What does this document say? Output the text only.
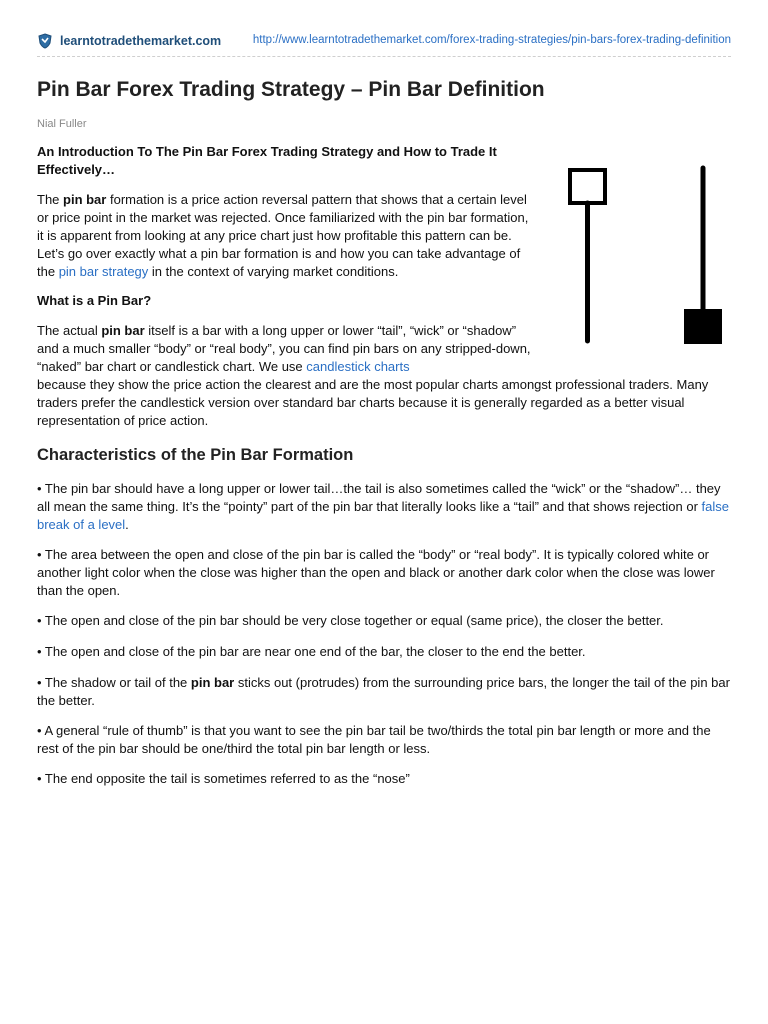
learntotradethemarket.com	http://www.learntotradethemarket.com/forex-trading-strategies/pin-bars-forex-trading-definition
Pin Bar Forex Trading Strategy – Pin Bar Definition
Nial Fuller

An Introduction To The Pin Bar Forex Trading Strategy and How to Trade It Effectively…

The pin bar formation is a price action reversal pattern that shows that a certain level or price point in the market was rejected. Once familiarized with the pin bar formation, it is apparent from looking at any price chart just how profitable this pattern can be. Let’s go over exactly what a pin bar formation is and how you can take advantage of the pin bar strategy in the context of varying market conditions.

What is a Pin Bar?

The actual pin bar itself is a bar with a long upper or lower “tail”, “wick” or “shadow” and a much smaller “body” or “real body”, you can find pin bars on any stripped-down, “naked” bar chart or candlestick chart. We use candlestick charts

because they show the price action the clearest and are the most popular charts amongst professional traders. Many traders prefer the candlestick version over standard bar charts because it is generally regarded as a better visual representation of price action.

Characteristics of the Pin Bar Formation

• The pin bar should have a long upper or lower tail…the tail is also sometimes called the “wick” or the “shadow”… they all mean the same thing. It’s the “pointy” part of the pin bar that literally looks like a “tail” and that shows rejection or false break of a level.

• The area between the open and close of the pin bar is called the “body” or “real body”. It is typically colored white or another light color when the close was higher than the open and black or another dark color when the close was lower than the open.

• The open and close of the pin bar should be very close together or equal (same price), the closer the better.

• The open and close of the pin bar are near one end of the bar, the closer to the end the better.

• The shadow or tail of the pin bar sticks out (protrudes) from the surrounding price bars, the longer the tail of the pin bar the better.

• A general “rule of thumb” is that you want to see the pin bar tail be two/thirds the total pin bar length or more and the rest of the pin bar should be one/third the total pin bar length or less.

• The end opposite the tail is sometimes referred to as the “nose”
